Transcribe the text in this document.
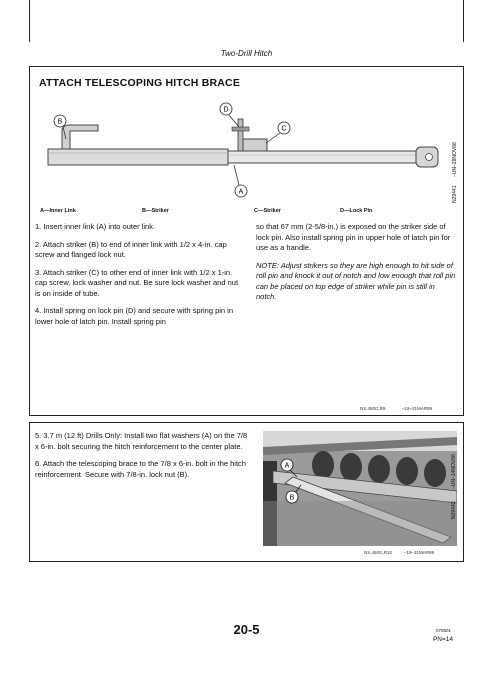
Two-Drill Hitch
ATTACH TELESCOPING HITCH BRACE
B
D
C
A
–UN–28NOV88
N29441
A—Inner Link	B—Striker	C—Striker	D—Lock Pin

1. Insert inner link (A) into outer link.

2. Attach striker (B) to end of inner link with 1/2 x 4-in. cap screw and flanged lock nut.

3. Attach striker (C) to other end of inner link with 1/2 x 1-in. cap screw, lock washer and nut. Be sure lock washer and nut is on inside of tube.

4. Install spring on lock pin (D) and secure with spring pin in lower hole of latch pin. Install spring pin

so that 67 mm (2-5/8-in.) is exposed on the striker side of lock pin. Also install spring pin in upper hole of latch pin for use as a handle.

NOTE: Adjust strikers so they are high enough to hit side of roll pin and knock it out of notch and low enough that roll pin can be placed on top edge of striker while pin is still in notch.

NX,450G,R9	–19–31MAR99

5. 3.7 m (12 ft) Drills Only: Install two flat washers (A) on the 7/8 x 6-in. bolt securing the hitch reinforcement to the center plate.

6. Attach the telescoping brace to the 7/8 x 6-in. bolt in the hitch reinforcement. Secure with 7/8-in. lock nut (B).

A
B
–UN–14NOV88
N29442
NX,450G,R10	–19–31MAR99
20-5	070501
PN=14
